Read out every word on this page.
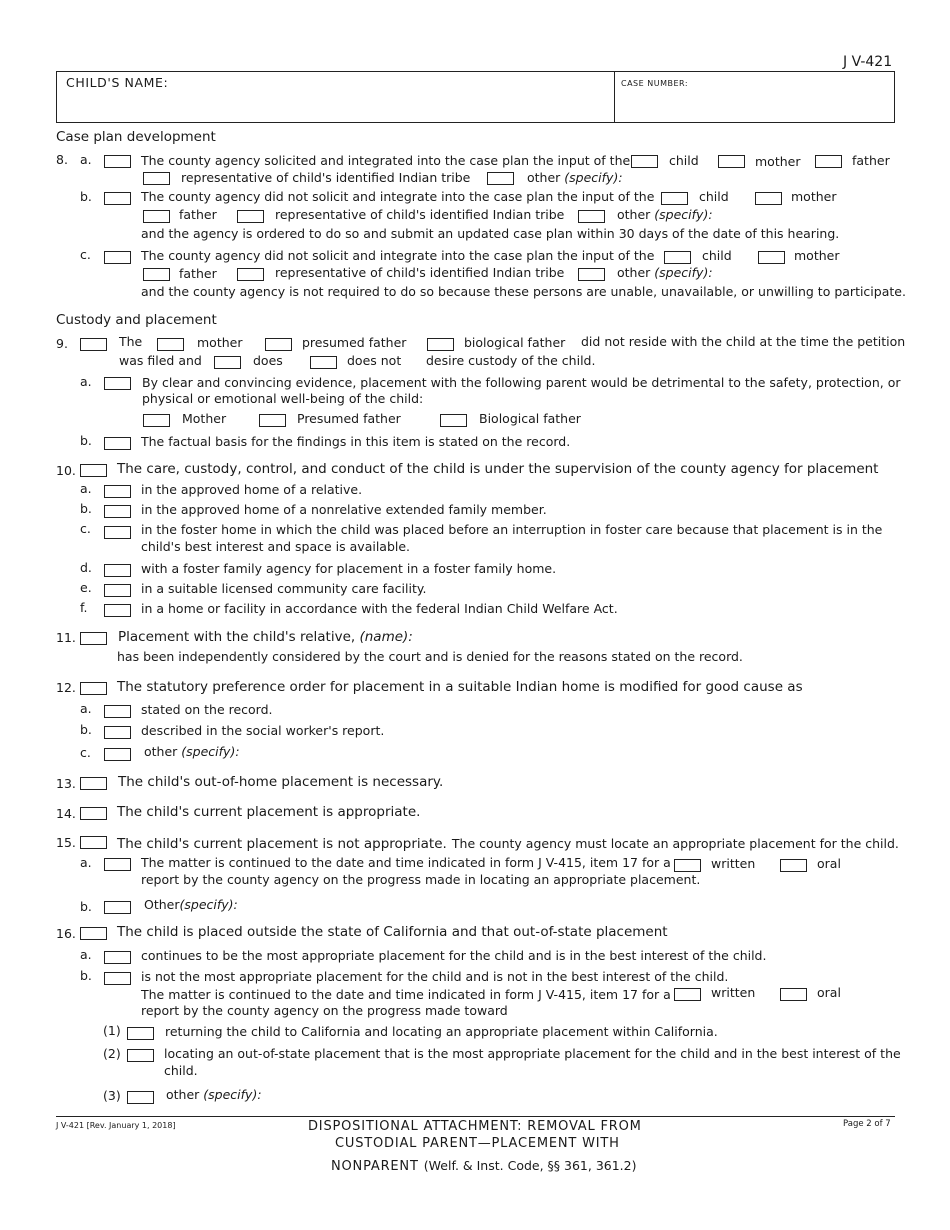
J V-421
CHILD'S NAME:	CASE NUMBER:
Case plan development
8. a.	The county agency solicited and integrated into the case plan the input of the	child	mother	father
representative of child's identified Indian tribe	other (specify):
b.	The county agency did not solicit and integrate into the case plan the input of the	child	mother
father	representative of child's identified Indian tribe	other (specify):
and the agency is ordered to do so and submit an updated case plan within 30 days of the date of this hearing.
c.	The county agency did not solicit and integrate into the case plan the input of the	child	mother
father	representative of child's identified Indian tribe	other (specify):
and the county agency is not required to do so because these persons are unable, unavailable, or unwilling to participate.
Custody and placement
9.	The	mother	presumed father	biological father did not reside with the child at the time the petition
was filed and	does	does not desire custody of the child.
a.	By clear and convincing evidence, placement with the following parent would be detrimental to the safety, protection, or
physical or emotional well-being of the child:
Mother	Presumed father	Biological father
b.	The factual basis for the findings in this item is stated on the record.
10.	The care, custody, control, and conduct of the child is under the supervision of the county agency for placement
a.	in the approved home of a relative.
b.	in the approved home of a nonrelative extended family member.
c.	in the foster home in which the child was placed before an interruption in foster care because that placement is in the
child's best interest and space is available.
d.	with a foster family agency for placement in a foster family home.
e.	in a suitable licensed community care facility.
f.	in a home or facility in accordance with the federal Indian Child Welfare Act.
11.	Placement with the child's relative, (name):
has been independently considered by the court and is denied for the reasons stated on the record.
12.	The statutory preference order for placement in a suitable Indian home is modified for good cause as
a.	stated on the record.
b.	described in the social worker's report.
c.	other (specify):
13.	The child's out-of-home placement is necessary.
14.	The child's current placement is appropriate.
15.	The child's current placement is not appropriate. The county agency must locate an appropriate placement for the child.
a.	The matter is continued to the date and time indicated in form J V-415, item 17 for a	written	oral
report by the county agency on the progress made in locating an appropriate placement.
b.	Other(specify):
16.	The child is placed outside the state of California and that out-of-state placement
a.	continues to be the most appropriate placement for the child and is in the best interest of the child.
b.	is not the most appropriate placement for the child and is not in the best interest of the child.
The matter is continued to the date and time indicated in form J V-415, item 17 for a	written	oral
report by the county agency on the progress made toward
(1)	returning the child to California and locating an appropriate placement within California.
(2)	locating an out-of-state placement that is the most appropriate placement for the child and in the best interest of the
child.
(3)	other (specify):
J V-421 [Rev. January 1, 2018]	DISPOSITIONAL ATTACHMENT: REMOVAL FROM
CUSTODIAL PARENT—PLACEMENT WITH
NONPARENT (Welf. & Inst. Code, §§ 361, 361.2)
Page 2 of 7
